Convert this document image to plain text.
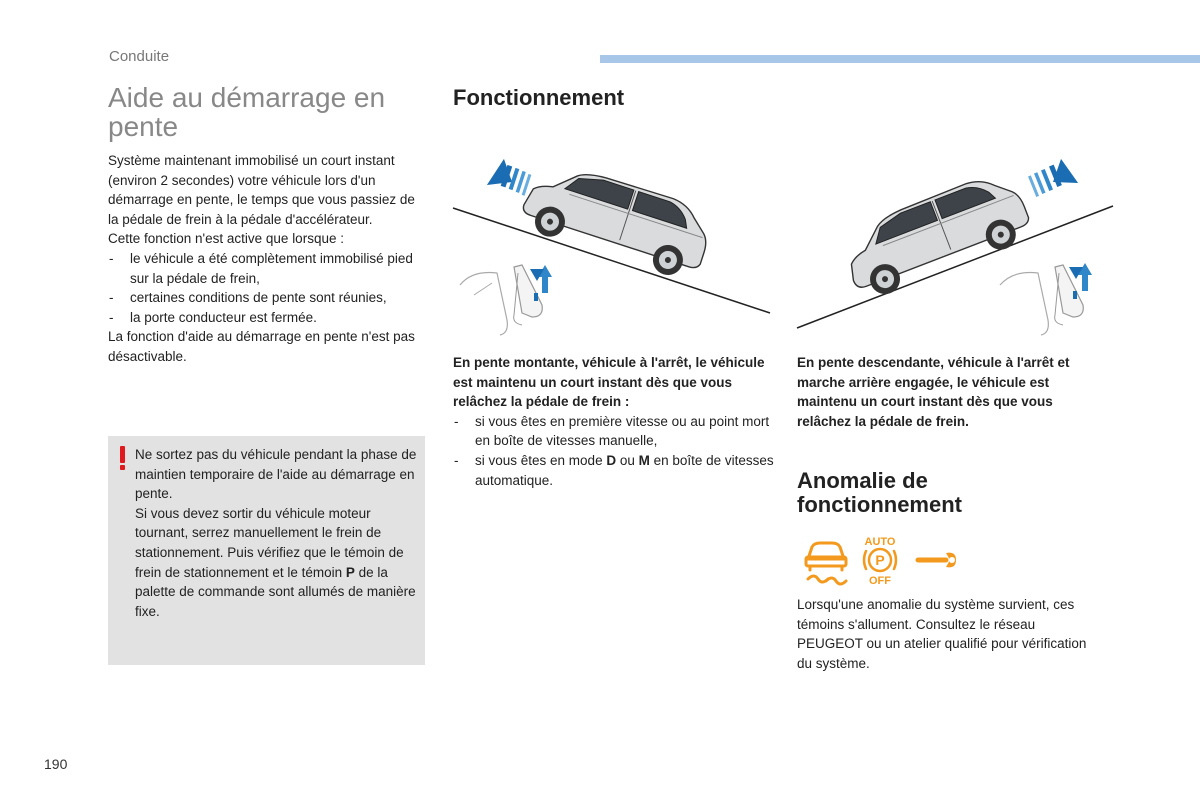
Conduite
Aide au démarrage en pente

Système maintenant immobilisé un court instant (environ 2 secondes) votre véhicule lors d'un démarrage en pente, le temps que vous passiez de la pédale de frein à la pédale d'accélérateur.

Cette fonction n'est active que lorsque :

- le véhicule a été complètement immobilisé pied sur la pédale de frein,
- certaines conditions de pente sont réunies,
- la porte conducteur est fermée.

La fonction d'aide au démarrage en pente n'est pas désactivable.

Ne sortez pas du véhicule pendant la phase de maintien temporaire de l'aide au démarrage en pente.

Si vous devez sortir du véhicule moteur tournant, serrez manuellement le frein de stationnement. Puis vérifiez que le témoin de frein de stationnement et le témoin P de la palette de commande sont allumés de manière fixe.

Fonctionnement

En pente montante, véhicule à l'arrêt, le véhicule est maintenu un court instant dès que vous relâchez la pédale de frein :

- si vous êtes en première vitesse ou au point mort en boîte de vitesses manuelle,
- si vous êtes en mode D ou M en boîte de vitesses automatique.
En pente descendante, véhicule à l'arrêt et marche arrière engagée, le véhicule est maintenu un court instant dès que vous relâchez la pédale de frein.
Anomalie de fonctionnement
AUTO
P
OFF
Lorsqu'une anomalie du système survient, ces témoins s'allument. Consultez le réseau PEUGEOT ou un atelier qualifié pour vérification du système.
190
